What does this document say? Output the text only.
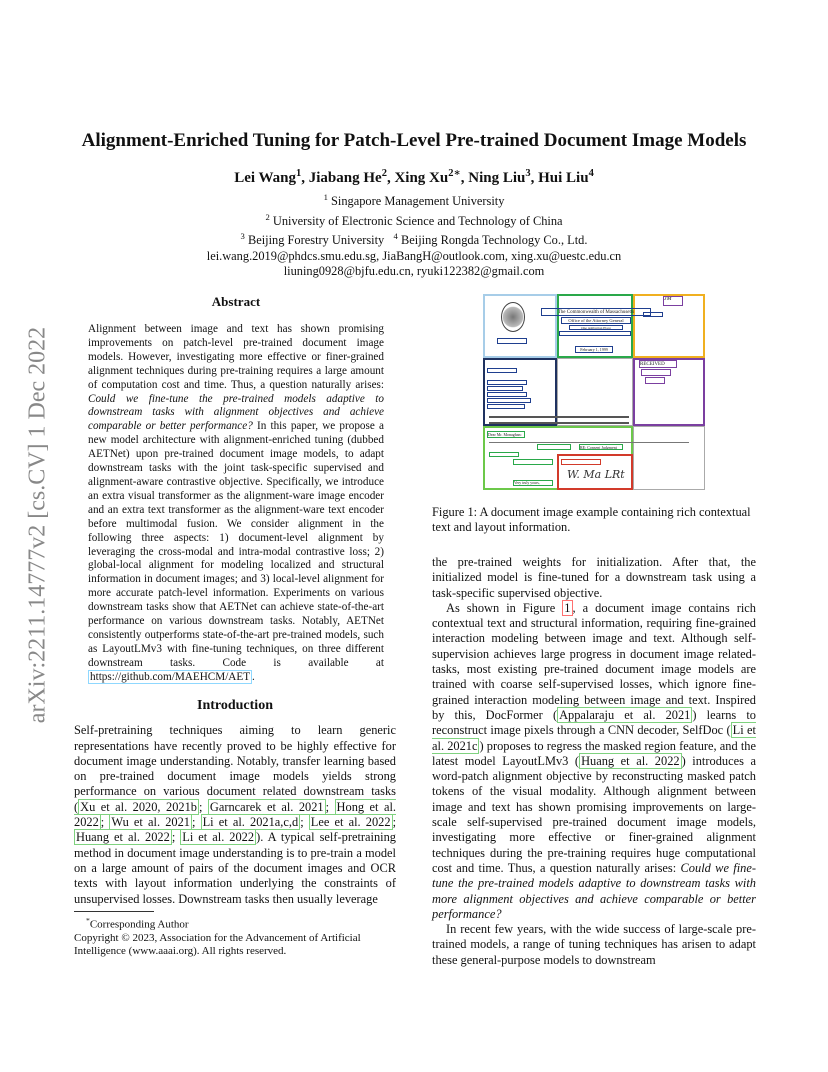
arXiv:2211.14777v2 [cs.CV] 1 Dec 2022
Alignment-Enriched Tuning for Patch-Level Pre-trained Document Image Models
Lei Wang$^1$, Jiabang He$^2$, Xing $Xu^{2∗}$, Ning Liu$^3$, Hui Liu$^4$
$^1$ Singapore Management University
$^2$ University of Electronic Science and Technology of China
$^3$ Beijing Forestry University $^4$ Beijing Rongda Technology Co., Ltd.
lei.wang.2019@phdcs.smu.edu.sg, JiaBangH@outlook.com, xing.xu@uestc.edu.cn
liuning0928@bjfu.edu.cn, ryuki122382@gmail.com
Abstract
Alignment between image and text has shown promising improvements on patch-level pre-trained document image models. However, investigating more effective or finer-grained alignment techniques during pre-training requires a large amount of computation cost and time. Thus, a question naturally arises: Could we fine-tune the pre-trained models adaptive to downstream tasks with alignment objectives and achieve comparable or better performance? In this paper, we propose a new model architecture with alignment-enriched tuning (dubbed AETNet) upon pre-trained document image models, to adapt downstream tasks with the joint task-specific supervised and alignment-aware contrastive objective. Specifically, we introduce an extra visual transformer as the alignment-ware image encoder and an extra text transformer as the alignment-ware text encoder before multimodal fusion. We consider alignment in the following three aspects: 1) document-level alignment by leveraging the cross-modal and intra-modal contrastive loss; 2) global-local alignment for modeling localized and structural information in document images; and 3) local-level alignment for more accurate patch-level information. Experiments on various downstream tasks show that AETNet can achieve state-of-the-art performance on various downstream tasks. Notably, AETNet consistently outperforms state-of-the-art pre-trained models, such as LayoutLMv3 with fine-tuning techniques, on three different downstream tasks. Code is available at https://github.com/MAEHCM/AET .
Introduction

Self-pretraining techniques aiming to learn generic representations have recently proved to be highly effective for document image understanding. Notably, transfer learning based on pre-trained document image models yields strong performance on various document related downstream tasks ( Xu et al. 2020, 2021b ; Garncarek et al. 2021 ; Hong et al. 2022 ; Wu et al. 2021 ; Li et al. 2021a,c,d ; Lee et al. 2022 ; Huang et al. 2022 ; Li et al. 2022 ). A typical self-pretraining method in document image understanding is to pre-train a model on a large amount of pairs of the document images and OCR texts with layout information underlying the constraints of unsupervised losses. Downstream tasks then usually leverage

*Corresponding Author
Copyright © 2023, Association for the Advancement of Artificial Intelligence (www.aaai.org). All rights reserved.
The Commonwealth of Massachusetts
Office of the Attorney General
One Ashburton Place
February 1, 1999
JM
RECEIVED
Dear Mr. Monaghan:
RE: Consent Judgment
W. Ma LRt
Very truly yours,
Figure 1: A document image example containing rich contextual text and layout information.

the pre-trained weights for initialization. After that, the initialized model is fine-tuned for a downstream task using a task-specific supervised objective.

As shown in Figure 1 , a document image contains rich contextual text and structural information, requiring fine-grained interaction modeling between image and text. Although self-supervision achieves large progress in document image related-tasks, most existing pre-trained document image models are trained with coarse self-supervised losses, which ignore fine-grained interaction modeling between image and text. Inspired by this, DocFormer ( Appalaraju et al. 2021 ) learns to reconstruct image pixels through a CNN decoder, SelfDoc ( Li et al. 2021c ) proposes to regress the masked region feature, and the latest model LayoutLMv3 ( Huang et al. 2022 ) introduces a word-patch alignment objective by reconstructing masked patch tokens of the visual modality. Although alignment between image and text has shown promising improvements on large-scale self-supervised pre-trained document image models, investigating more effective or finer-grained alignment techniques during the pre-training requires huge computational cost and time. Thus, a question naturally arises: Could we fine-tune the pre-trained models adaptive to downstream tasks with more alignment objectives and achieve comparable or better performance?

In recent few years, with the wide success of large-scale pre-trained models, a range of tuning techniques has arisen to adapt these general-purpose models to downstream
